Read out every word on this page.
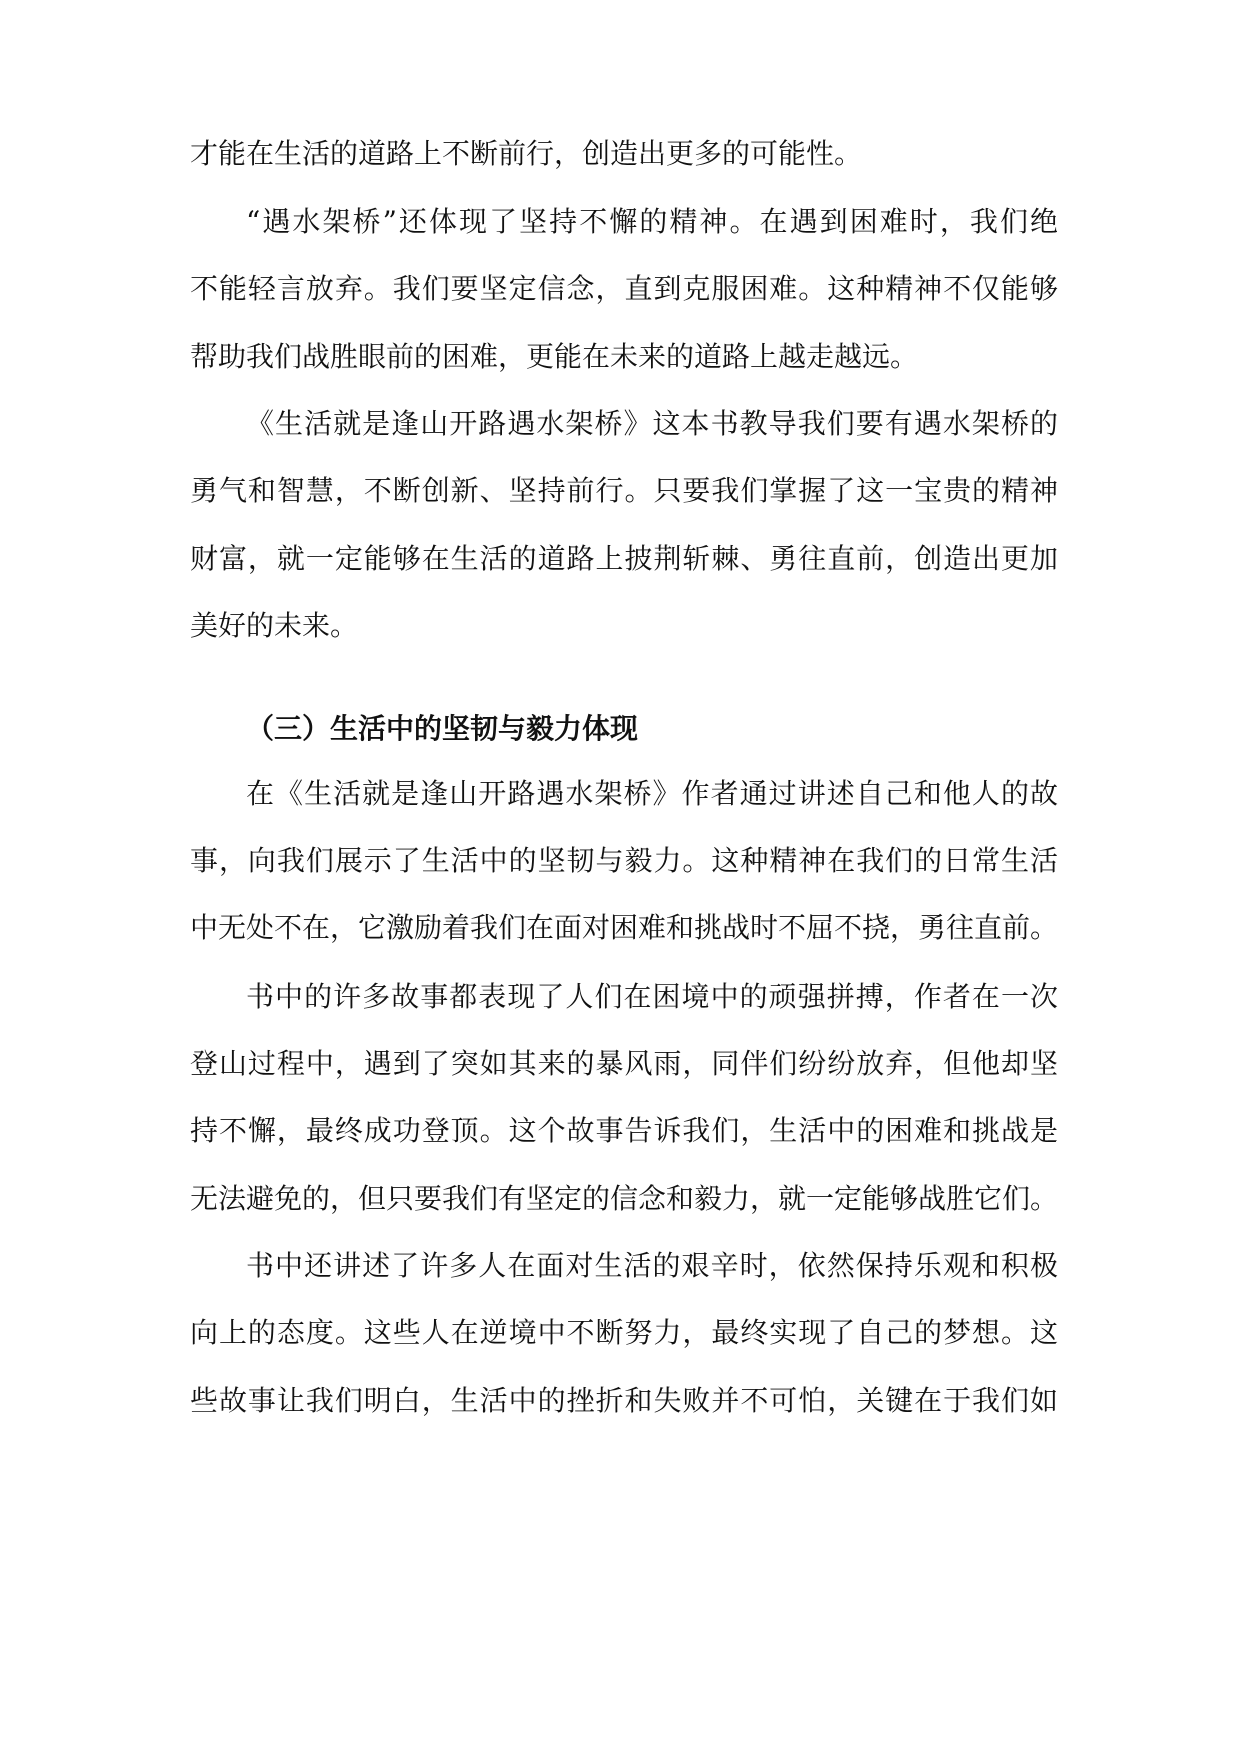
才能在生活的道路上不断前行，创造出更多的可能性。
“遇水架桥”还体现了坚持不懈的精神。在遇到困难时，我们绝
不能轻言放弃。我们要坚定信念，直到克服困难。这种精神不仅能够
帮助我们战胜眼前的困难，更能在未来的道路上越走越远。
《生活就是逢山开路遇水架桥》这本书教导我们要有遇水架桥的
勇气和智慧，不断创新、坚持前行。只要我们掌握了这一宝贵的精神
财富，就一定能够在生活的道路上披荆斩棘、勇往直前，创造出更加
美好的未来。
（三）生活中的坚韧与毅力体现
在《生活就是逢山开路遇水架桥》作者通过讲述自己和他人的故
事，向我们展示了生活中的坚韧与毅力。这种精神在我们的日常生活
中无处不在，它激励着我们在面对困难和挑战时不屈不挠，勇往直前。
书中的许多故事都表现了人们在困境中的顽强拼搏，作者在一次
登山过程中，遇到了突如其来的暴风雨，同伴们纷纷放弃，但他却坚
持不懈，最终成功登顶。这个故事告诉我们，生活中的困难和挑战是
无法避免的，但只要我们有坚定的信念和毅力，就一定能够战胜它们。
书中还讲述了许多人在面对生活的艰辛时，依然保持乐观和积极
向上的态度。这些人在逆境中不断努力，最终实现了自己的梦想。这
些故事让我们明白，生活中的挫折和失败并不可怕，关键在于我们如
